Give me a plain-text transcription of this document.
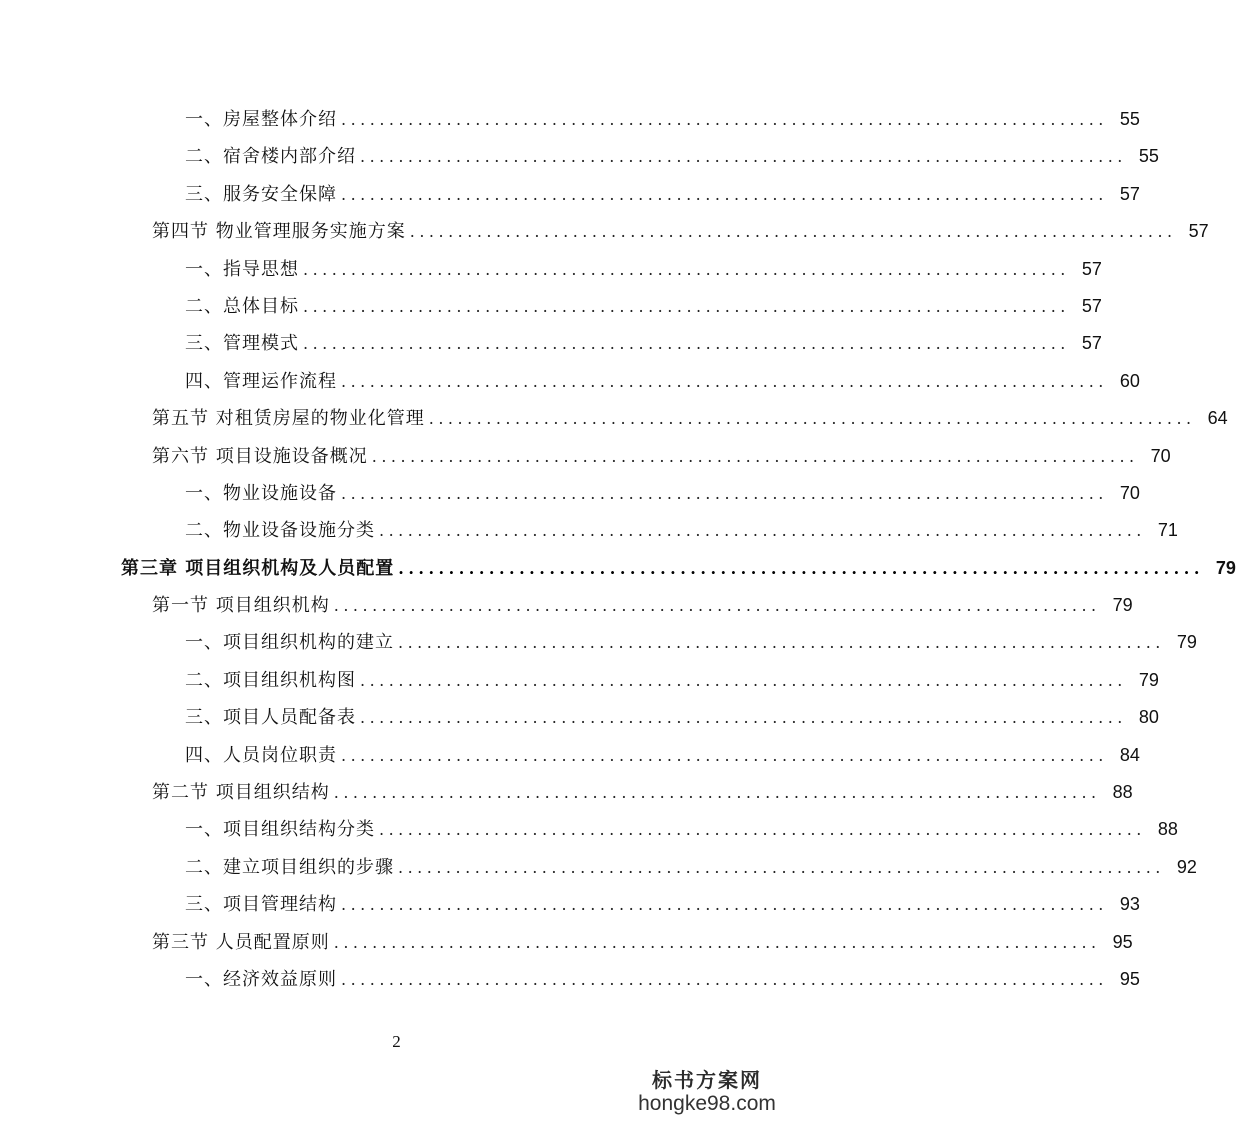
一、房屋整体介绍 ................................................................................ 55
二、宿舍楼内部介绍 ................................................................................ 55
三、服务安全保障 ................................................................................ 57
第四节 物业管理服务实施方案 ................................................................................ 57
一、指导思想 ................................................................................ 57
二、总体目标 ................................................................................ 57
三、管理模式 ................................................................................ 57
四、管理运作流程 ................................................................................ 60
第五节 对租赁房屋的物业化管理 ................................................................................ 64
第六节 项目设施设备概况 ................................................................................ 70
一、物业设施设备 ................................................................................ 70
二、物业设备设施分类 ................................................................................ 71
第三章 项目组织机构及人员配置 ................................................................................ 79
第一节 项目组织机构 ................................................................................ 79
一、项目组织机构的建立 ................................................................................ 79
二、项目组织机构图 ................................................................................ 79
三、项目人员配备表 ................................................................................ 80
四、人员岗位职责 ................................................................................ 84
第二节 项目组织结构 ................................................................................ 88
一、项目组织结构分类 ................................................................................ 88
二、建立项目组织的步骤 ................................................................................ 92
三、项目管理结构 ................................................................................ 93
第三节 人员配置原则 ................................................................................ 95
一、经济效益原则 ................................................................................ 95
2
标书方案网
hongke98.com
